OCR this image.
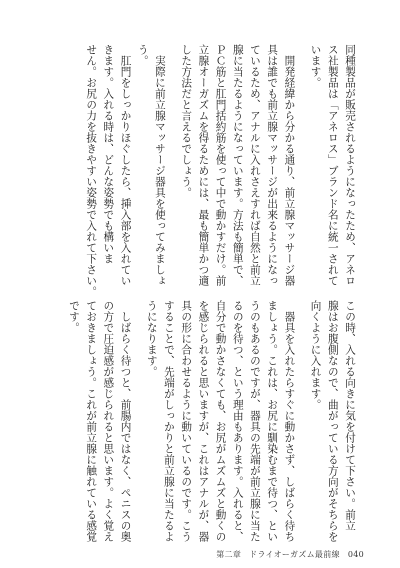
同種製品が販売されるようになったため、アネロ
ス社製品は「アネロス」ブランド名に統一されて
います。
　開発経緯から分かる通り、前立腺マッサージ器
具は誰でも前立腺マッサージが出来るようになっ
ているため、アナルに入れさえすれば自然と前立
腺に当たるようになっています。方法も簡単で、
ＰＣ筋と肛門括約筋を使って中で動かすだけ。前
立腺オーガズムを得るためには、最も簡単かつ適
した方法だと言えるでしょう。
　実際に前立腺マッサージ器具を使ってみましょ
う。
　肛門をしっかりほぐしたら、挿入部を入れてい
きます。入れる時は、どんな姿勢でも構いま
せん。お尻の力を抜きやすい姿勢で入れて下さい。
この時、入れる向きに気を付けて下さい。前立
腺はお腹側なので、曲がっている方向がそちらを
向くように入れます。
　器具を入れたらすぐに動かさず、しばらく待ち
ましょう。これは、お尻に馴染むまで待つ、とい
うのもあるのですが、器具の先端が前立腺に当た
るのを待つ、という理由もあります。入れると、
自分で動かさなくても、お尻がムズムズと動くの
を感じられると思いますが、これはアナルが、器
具の形に合わせるように動いているのです。こう
することで、先端がしっかりと前立腺に当たるよ
うになります。
　しばらく待つと、前腸内ではなく、ペニスの奥
の方で圧迫感が感じられると思います。よく覚え
ておきましょう。これが前立腺に触れている感覚
です。
第二章 ドライオーガズム最前線 040
